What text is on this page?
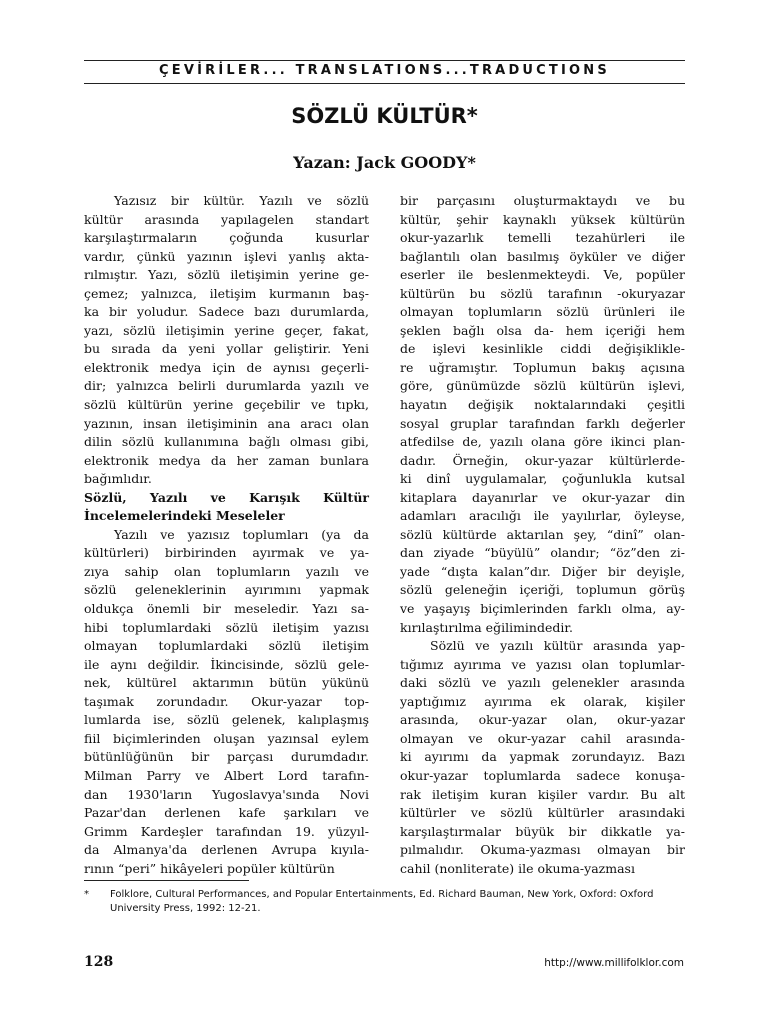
ÇEVİRİLER... TRANSLATIONS...TRADUCTIONS
SÖZLÜ KÜLTÜR*
Yazan: Jack GOODY*
Yazısız bir kültür. Yazılı ve sözlü
kültür arasında yapılagelen standart
karşılaştırmaların çoğunda kusurlar
vardır, çünkü yazının işlevi yanlış akta-
rılmıştır. Yazı, sözlü iletişimin yerine ge-
çemez; yalnızca, iletişim kurmanın baş-
ka bir yoludur. Sadece bazı durumlarda,
yazı, sözlü iletişimin yerine geçer, fakat,
bu sırada da yeni yollar geliştirir. Yeni
elektronik medya için de aynısı geçerli-
dir; yalnızca belirli durumlarda yazılı ve
sözlü kültürün yerine geçebilir ve tıpkı,
yazının, insan iletişiminin ana aracı olan
dilin sözlü kullanımına bağlı olması gibi,
elektronik medya da her zaman bunlara
bağımlıdır.
Sözlü, Yazılı ve Karışık Kültür
İncelemelerindeki Meseleler
Yazılı ve yazısız toplumları (ya da
kültürleri) birbirinden ayırmak ve ya-
zıya sahip olan toplumların yazılı ve
sözlü geleneklerinin ayırımını yapmak
oldukça önemli bir meseledir. Yazı sa-
hibi toplumlardaki sözlü iletişim yazısı
olmayan toplumlardaki sözlü iletişim
ile aynı değildir. İkincisinde, sözlü gele-
nek, kültürel aktarımın bütün yükünü
taşımak zorundadır. Okur-yazar top-
lumlarda ise, sözlü gelenek, kalıplaşmış
fiil biçimlerinden oluşan yazınsal eylem
bütünlüğünün bir parçası durumdadır.
Milman Parry ve Albert Lord tarafın-
dan 1930'ların Yugoslavya'sında Novi
Pazar'dan derlenen kafe şarkıları ve
Grimm Kardeşler tarafından 19. yüzyıl-
da Almanya'da derlenen Avrupa kıyıla-
rının “peri” hikâyeleri popüler kültürün
bir parçasını oluşturmaktaydı ve bu
kültür, şehir kaynaklı yüksek kültürün
okur-yazarlık temelli tezahürleri ile
bağlantılı olan basılmış öyküler ve diğer
eserler ile beslenmekteydi. Ve, popüler
kültürün bu sözlü tarafının -okuryazar
olmayan toplumların sözlü ürünleri ile
şeklen bağlı olsa da- hem içeriği hem
de işlevi kesinlikle ciddi değişiklikle-
re uğramıştır. Toplumun bakış açısına
göre, günümüzde sözlü kültürün işlevi,
hayatın değişik noktalarındaki çeşitli
sosyal gruplar tarafından farklı değerler
atfedilse de, yazılı olana göre ikinci plan-
dadır. Örneğin, okur-yazar kültürlerde-
ki dinî uygulamalar, çoğunlukla kutsal
kitaplara dayanırlar ve okur-yazar din
adamları aracılığı ile yayılırlar, öyleyse,
sözlü kültürde aktarılan şey, “dinî” olan-
dan ziyade “büyülü” olandır; “öz”den zi-
yade “dışta kalan”dır. Diğer bir deyişle,
sözlü geleneğin içeriği, toplumun görüş
ve yaşayış biçimlerinden farklı olma, ay-
kırılaştırılma eğilimindedir.
Sözlü ve yazılı kültür arasında yap-
tığımız ayırıma ve yazısı olan toplumlar-
daki sözlü ve yazılı gelenekler arasında
yaptığımız ayırıma ek olarak, kişiler
arasında, okur-yazar olan, okur-yazar
olmayan ve okur-yazar cahil arasında-
ki ayırımı da yapmak zorundayız. Bazı
okur-yazar toplumlarda sadece konuşa-
rak iletişim kuran kişiler vardır. Bu alt
kültürler ve sözlü kültürler arasındaki
karşılaştırmalar büyük bir dikkatle ya-
pılmalıdır. Okuma-yazması olmayan bir
cahil (nonliterate) ile okuma-yazması
* Folklore, Cultural Performances, and Popular Entertainments, Ed. Richard Bauman, New York, Oxford: Oxford University Press, 1992: 12-21.
128	http://www.millifolklor.com
